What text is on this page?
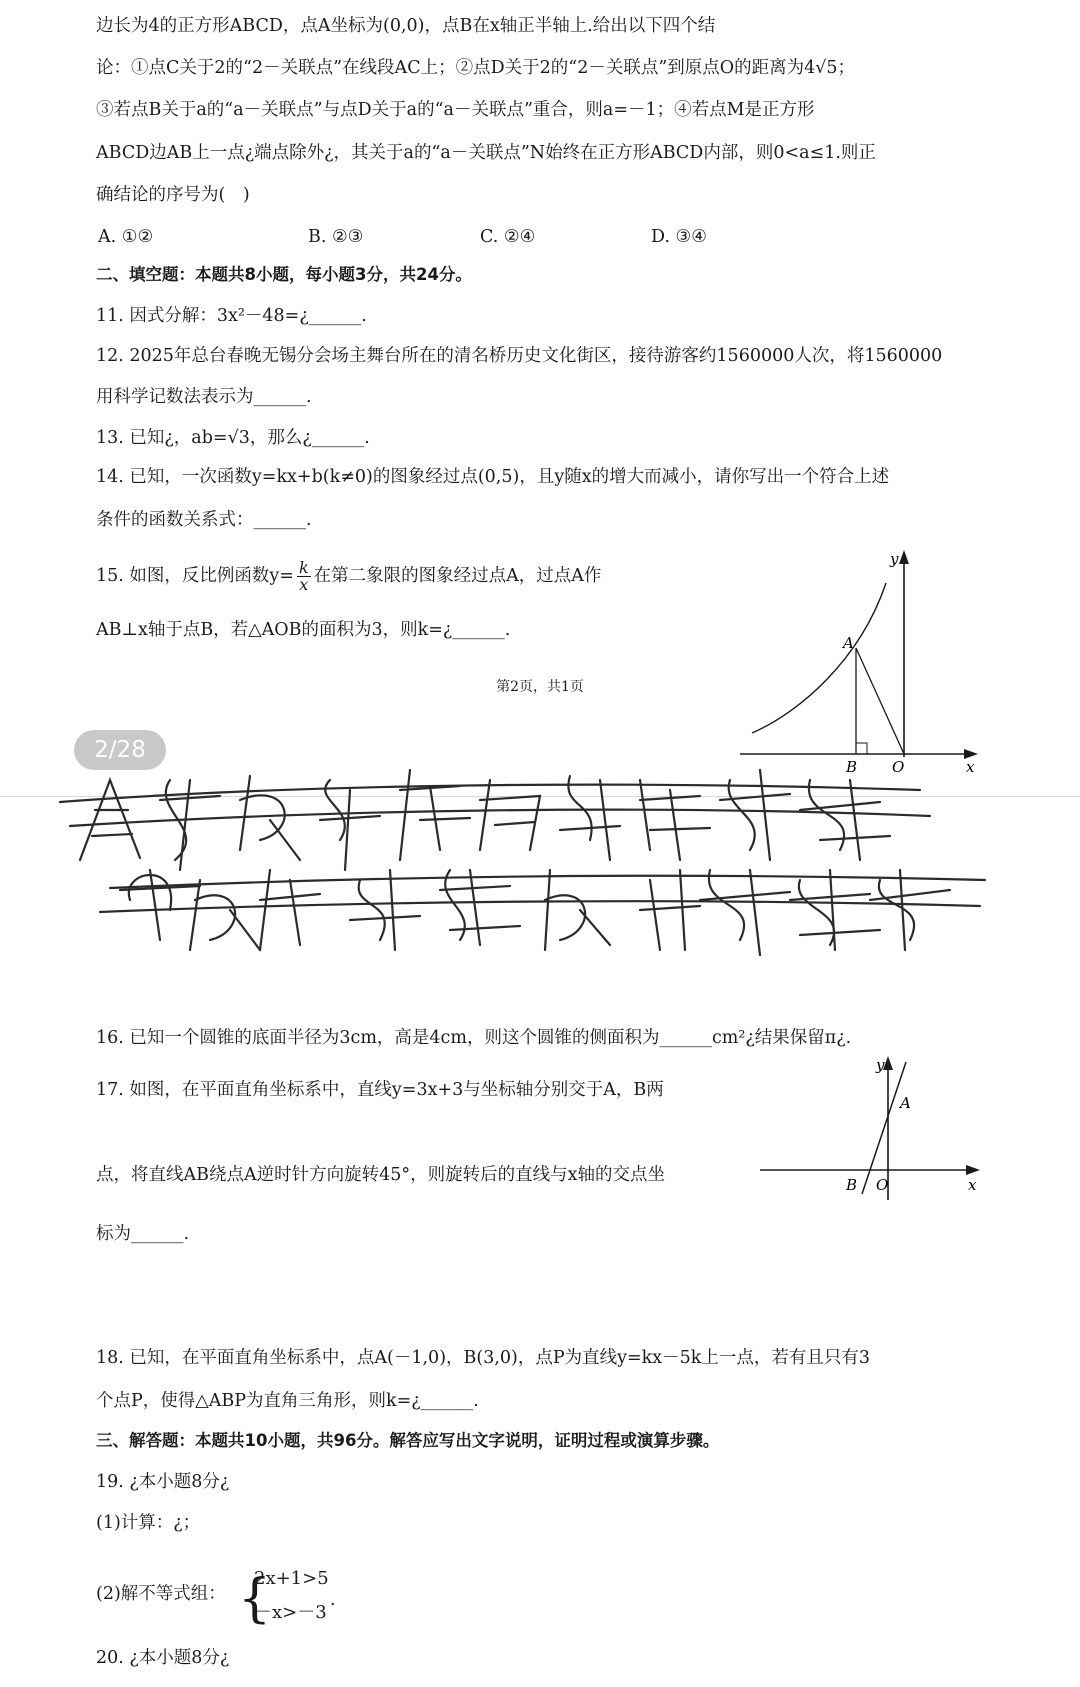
边长为4的正方形ABCD，点A坐标为(0,0)，点B在x轴正半轴上.给出以下四个结
论：①点C关于2的“2－关联点”在线段AC上；②点D关于2的“2－关联点”到原点O的距离为4√5；
③若点B关于a的“a－关联点”与点D关于a的“a－关联点”重合，则a=－1；④若点M是正方形
ABCD边AB上一点¿端点除外¿，其关于a的“a－关联点”N始终在正方形ABCD内部，则0<a≤1.则正
确结论的序号为(　)
A. ①②	B. ②③	C. ②④	D. ③④
二、填空题：本题共8小题，每小题3分，共24分。
11. 因式分解：3x²－48=¿______.
12. 2025年总台春晚无锡分会场主舞台所在的清名桥历史文化街区，接待游客约1560000人次，将1560000
用科学记数法表示为______.
13. 已知¿，ab=√3，那么¿______.
14. 已知，一次函数y=kx+b(k≠0)的图象经过点(0,5)，且y随x的增大而减小，请你写出一个符合上述
条件的函数关系式：______.
15. 如图，反比例函数$y= \frac{k}{x}$ 在第二象限的图象经过点A，过点A作
AB⊥x轴于点B，若△AOB的面积为3，则k=¿______.
y
A
B O	x
第2页，共1页
2/28
16. 已知一个圆锥的底面半径为3cm，高是4cm，则这个圆锥的侧面积为______cm²¿结果保留π¿.
17. 如图，在平面直角坐标系中，直线y=3x+3与坐标轴分别交于A，B两
点，将直线AB绕点A逆时针方向旋转45°，则旋转后的直线与x轴的交点坐
标为______.
y
A
B O	x
18. 已知，在平面直角坐标系中，点A(－1,0)，B(3,0)，点P为直线y=kx－5k上一点，若有且只有3
个点P，使得△ABP为直角三角形，则k=¿______.
三、解答题：本题共10小题，共96分。解答应写出文字说明，证明过程或演算步骤。
19. ¿本小题8分¿
(1)计算：¿；
(2)解不等式组： {
2x+1>5
－x>－3
.
20. ¿本小题8分¿
